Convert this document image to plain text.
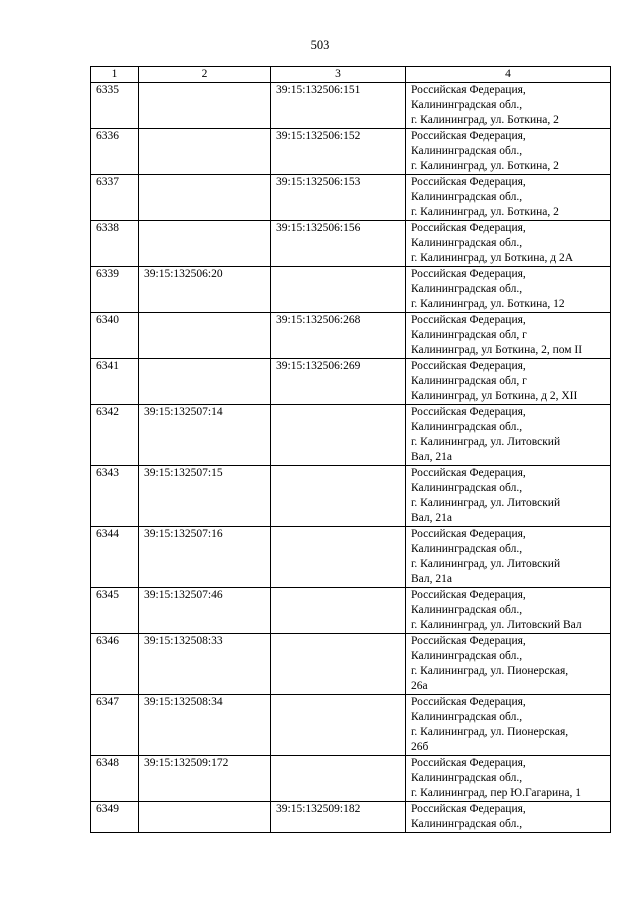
503
1	2	3	4
6335		39:15:132506:151	Российская Федерация,
Калининградская обл.,
г. Калининград, ул. Боткина, 2

6336		39:15:132506:152	Российская Федерация,
Калининградская обл.,
г. Калининград, ул. Боткина, 2

6337		39:15:132506:153	Российская Федерация,
Калининградская обл.,
г. Калининград, ул. Боткина, 2

6338		39:15:132506:156	Российская Федерация,
Калининградская обл.,
г. Калининград, ул Боткина, д 2А

6339	39:15:132506:20		Российская Федерация,
Калининградская обл.,
г. Калининград, ул. Боткина, 12

6340		39:15:132506:268	Российская Федерация,
Калининградская обл, г
Калининград, ул Боткина, 2, пом II

6341		39:15:132506:269	Российская Федерация,
Калининградская обл, г
Калининград, ул Боткина, д 2, XII

6342	39:15:132507:14		Российская Федерация,
Калининградская обл.,
г. Калининград, ул. Литовский
Вал, 21а

6343	39:15:132507:15		Российская Федерация,
Калининградская обл.,
г. Калининград, ул. Литовский
Вал, 21а

6344	39:15:132507:16		Российская Федерация,
Калининградская обл.,
г. Калининград, ул. Литовский
Вал, 21а

6345	39:15:132507:46		Российская Федерация,
Калининградская обл.,
г. Калининград, ул. Литовский Вал

6346	39:15:132508:33		Российская Федерация,
Калининградская обл.,
г. Калининград, ул. Пионерская,
26а

6347	39:15:132508:34		Российская Федерация,
Калининградская обл.,
г. Калининград, ул. Пионерская,
26б

6348	39:15:132509:172		Российская Федерация,
Калининградская обл.,
г. Калининград, пер Ю.Гагарина, 1

6349		39:15:132509:182	Российская Федерация,
Калининградская обл.,
